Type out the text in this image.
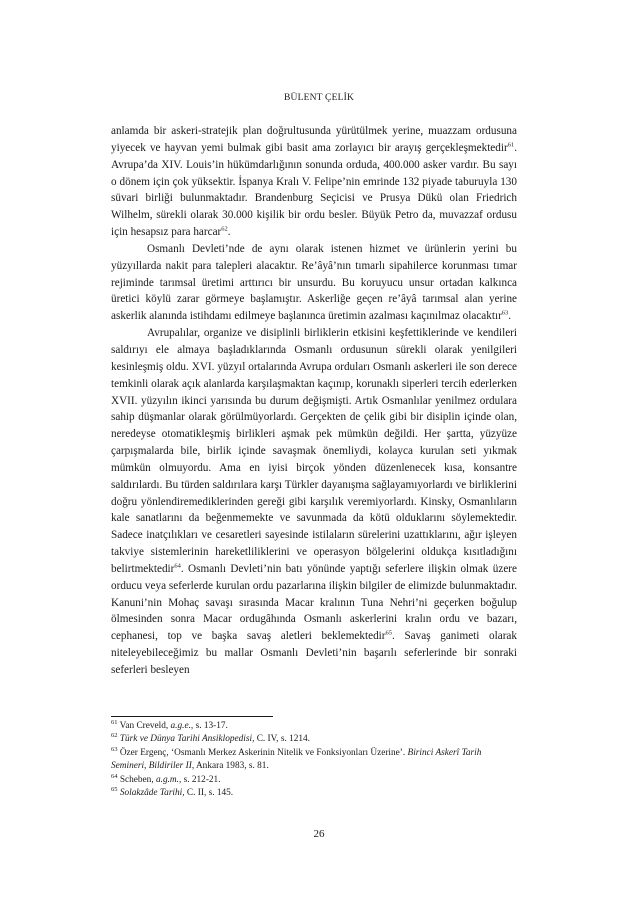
BÜLENT ÇELİK

anlamda bir askeri-stratejik plan doğrultusunda yürütülmek yerine, muazzam ordusuna yiyecek ve hayvan yemi bulmak gibi basit ama zorlayıcı bir arayış gerçekleşmektedir$^{61}$. Avrupa’da XIV. Louis’in hükümdarlığının sonunda orduda, 400.000 asker vardır. Bu sayı o dönem için çok yüksektir. İspanya Kralı V. Felipe’nin emrinde 132 piyade taburuyla 130 süvari birliği bulunmaktadır. Brandenburg Seçicisi ve Prusya Dükü olan Friedrich Wilhelm, sürekli olarak 30.000 kişilik bir ordu besler. Büyük Petro da, muvazzaf ordusu için hesapsız para harcar$^{62}$.

Osmanlı Devleti’nde de aynı olarak istenen hizmet ve ürünlerin yerini bu yüzyıllarda nakit para talepleri alacaktır. Re’âyâ’nın tımarlı sipahilerce korunması tımar rejiminde tarımsal üretimi arttırıcı bir unsurdu. Bu koruyucu unsur ortadan kalkınca üretici köylü zarar görmeye başlamıştır. Askerliğe geçen re’âyâ tarımsal alan yerine askerlik alanında istihdamı edilmeye başlanınca üretimin azalması kaçınılmaz olacaktır$^{63}$.

Avrupalılar, organize ve disiplinli birliklerin etkisini keşfettiklerinde ve kendileri saldırıyı ele almaya başladıklarında Osmanlı ordusunun sürekli olarak yenilgileri kesinleşmiş oldu. XVI. yüzyıl ortalarında Avrupa orduları Osmanlı askerleri ile son derece temkinli olarak açık alanlarda karşılaşmaktan kaçınıp, korunaklı siperleri tercih ederlerken XVII. yüzyılın ikinci yarısında bu durum değişmişti. Artık Osmanlılar yenilmez ordulara sahip düşmanlar olarak görülmüyorlardı. Gerçekten de çelik gibi bir disiplin içinde olan, neredeyse otomatikleşmiş birlikleri aşmak pek mümkün değildi. Her şartta, yüzyüze çarpışmalarda bile, birlik içinde savaşmak önemliydi, kolayca kurulan seti yıkmak mümkün olmuyordu. Ama en iyisi birçok yönden düzenlenecek kısa, konsantre saldırılardı. Bu türden saldırılara karşı Türkler dayanışma sağlayamıyorlardı ve birliklerini doğru yönlendiremediklerinden gereği gibi karşılık veremiyorlardı. Kinsky, Osmanlıların kale sanatlarını da beğenmemekte ve savunmada da kötü olduklarını söylemektedir. Sadece inatçılıkları ve cesaretleri sayesinde istilaların sürelerini uzattıklarını, ağır işleyen takviye sistemlerinin hareketliliklerini ve operasyon bölgelerini oldukça kısıtladığını belirtmektedir$^{64}$. Osmanlı Devleti’nin batı yönünde yaptığı seferlere ilişkin olmak üzere orducu veya seferlerde kurulan ordu pazarlarına ilişkin bilgiler de elimizde bulunmaktadır. Kanuni’nin Mohaç savaşı sırasında Macar kralının Tuna Nehri’ni geçerken boğulup ölmesinden sonra Macar ordugâhında Osmanlı askerlerini kralın ordu ve bazarı, cephanesi, top ve başka savaş aletleri beklemektedir$^{65}$. Savaş ganimeti olarak niteleyebileceğimiz bu mallar Osmanlı Devleti’nin başarılı seferlerinde bir sonraki seferleri besleyen

$^{61}$ Van Creveld, a.g.e., s. 13-17.
$^{62}$ Türk ve Dünya Tarihi Ansiklopedisi, C. IV, s. 1214.
$^{63}$ Özer Ergenç, ‘Osmanlı Merkez Askerinin Nitelik ve Fonksiyonları Üzerine’. Birinci Askerî Tarih Semineri, Bildiriler II, Ankara 1983, s. 81.
$^{64}$ Scheben, a.g.m., s. 212-21.
$^{65}$ Solakzâde Tarihi, C. II, s. 145.
26
